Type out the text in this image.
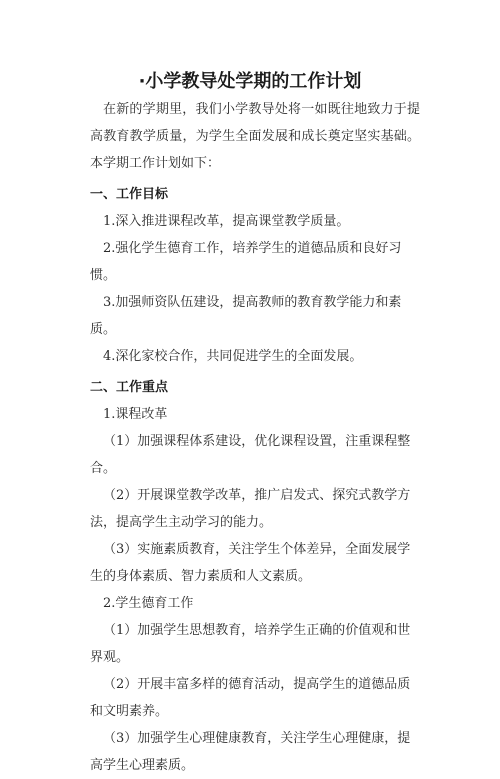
·小学教导处学期的工作计划

在新的学期里，我们小学教导处将一如既往地致力于提高教育教学质量，为学生全面发展和成长奠定坚实基础。本学期工作计划如下：

一、工作目标

1.深入推进课程改革，提高课堂教学质量。

2.强化学生德育工作，培养学生的道德品质和良好习惯。

3.加强师资队伍建设，提高教师的教育教学能力和素质。

4.深化家校合作，共同促进学生的全面发展。

二、工作重点

1.课程改革

（1）加强课程体系建设，优化课程设置，注重课程整合。

（2）开展课堂教学改革，推广启发式、探究式教学方法，提高学生主动学习的能力。

（3）实施素质教育，关注学生个体差异，全面发展学生的身体素质、智力素质和人文素质。

2.学生德育工作

（1）加强学生思想教育，培养学生正确的价值观和世界观。

（2）开展丰富多样的德育活动，提高学生的道德品质和文明素养。

（3）加强学生心理健康教育，关注学生心理健康，提高学生心理素质。
